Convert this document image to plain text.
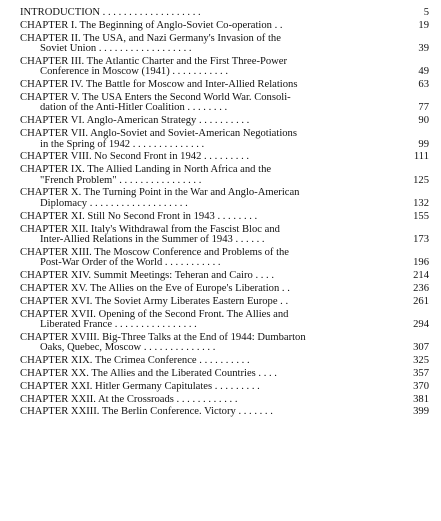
INTRODUCTION . . . . . . . . . . . . . . . . . . .	5
CHAPTER I. The Beginning of Anglo-Soviet Co-operation . .	19
CHAPTER II. The USA, and Nazi Germany's Invasion of the
Soviet Union . . . . . . . . . . . . . . . . . .	39
CHAPTER III. The Atlantic Charter and the First Three-Power
Conference in Moscow (1941) . . . . . . . . . . .	49
CHAPTER IV. The Battle for Moscow and Inter-Allied Relations	63
CHAPTER V. The USA Enters the Second World War. Consoli-
dation of the Anti-Hitler Coalition . . . . . . . .	77
CHAPTER VI. Anglo-American Strategy . . . . . . . . . .	90
CHAPTER VII. Anglo-Soviet and Soviet-American Negotiations
in the Spring of 1942 . . . . . . . . . . . . . .	99
CHAPTER VIII. No Second Front in 1942 . . . . . . . . .	111
CHAPTER IX. The Allied Landing in North Africa and the
"French Problem" . . . . . . . . . . . . . . . .	125
CHAPTER X. The Turning Point in the War and Anglo-American
Diplomacy . . . . . . . . . . . . . . . . . . .	132
CHAPTER XI. Still No Second Front in 1943 . . . . . . . .	155
CHAPTER XII. Italy's Withdrawal from the Fascist Bloc and
Inter-Allied Relations in the Summer of 1943 . . . . . .	173
CHAPTER XIII. The Moscow Conference and Problems of the
Post-War Order of the World . . . . . . . . . . .	196
CHAPTER XIV. Summit Meetings: Teheran and Cairo . . . .	214
CHAPTER XV. The Allies on the Eve of Europe's Liberation . .	236
CHAPTER XVI. The Soviet Army Liberates Eastern Europe . .	261
CHAPTER XVII. Opening of the Second Front. The Allies and
Liberated France . . . . . . . . . . . . . . . .	294
CHAPTER XVIII. Big-Three Talks at the End of 1944: Dumbarton
Oaks, Quebec, Moscow . . . . . . . . . . . . . .	307
CHAPTER XIX. The Crimea Conference . . . . . . . . . .	325
CHAPTER XX. The Allies and the Liberated Countries . . . .	357
CHAPTER XXI. Hitler Germany Capitulates . . . . . . . . .	370
CHAPTER XXII. At the Crossroads . . . . . . . . . . . .	381
CHAPTER XXIII. The Berlin Conference. Victory . . . . . . .	399
